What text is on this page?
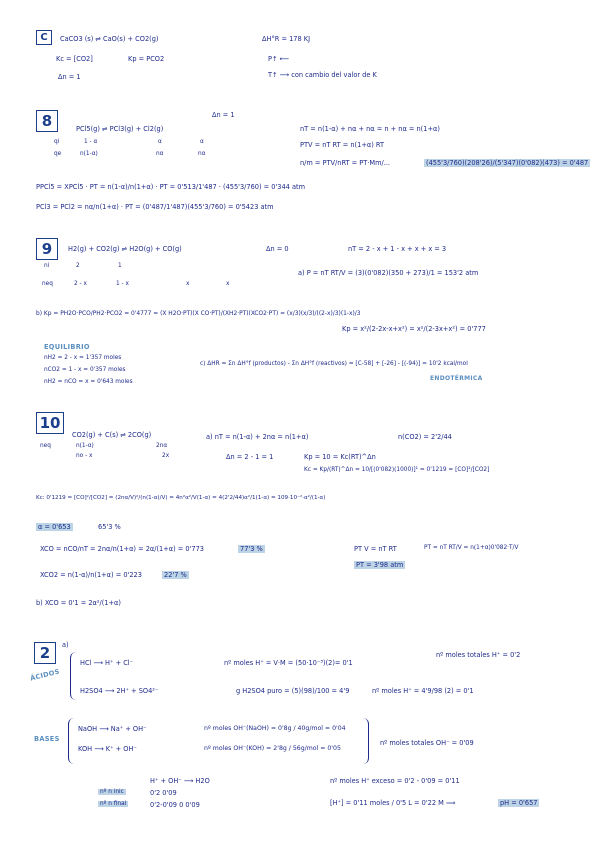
C	CaCO3 (s) ⇌ CaO(s) + CO2(g)	ΔH°R = 178 KJ
Kc = [CO2]	Kp = PCO2	P↑ ⟵
Δn = 1	T↑ ⟶ con cambio del valor de K
8	Δn = 1
PCl5(g) ⇌ PCl3(g) + Cl2(g)	nT = n(1-α) + nα + nα = n + nα = n(1+α)
qi	1 - α	α	α	PTV = nT RT = n(1+α) RT
qe	n(1-α)	nα	nα
n/m = PTV/nRT = PT·Mm/...	(455'3/760)(208'26)/(5'347)(0'082)(473) = 0'487
PPCl5 = XPCl5 · PT = n(1-α)/n(1+α) · PT = 0'513/1'487 · (455'3/760) = 0'344 atm
PCl3 = PCl2 = nα/n(1+α) · PT = (0'487/1'487)(455'3/760) = 0'5423 atm
9	H2(g) + CO2(g) ⇌ H2O(g) + CO(g)	Δn = 0	nT = 2 - x + 1 - x + x + x = 3
ni	2	1
a) P = nT RT/V = (3)(0'082)(350 + 273)/1 = 153'2 atm
neq	2 - x	1 - x	x	x
b) Kp = PH2O·PCO/PH2·PCO2 = 0'4777 = (X H2O·PT)(X CO·PT)/(XH2·PT)(XCO2·PT) = (x/3)(x/3)/((2-x)/3)(1-x)/3
Kp = x²/(2-2x-x+x²) = x²/(2-3x+x²) = 0'777
EQUILIBRIO
nH2 = 2 - x = 1'357 moles
c) ΔHR = Σn ΔH°f (productos) - Σn ΔH°f (reactivos) = [C-58] + [-26] - [(-94)] = 10'2 kcal/mol
nCO2 = 1 - x = 0'357 moles
nH2 = nCO = x = 0'643 moles	ENDOTÉRMICA
10
CO2(g) + C(s) ⇌ 2CO(g)	a) nT = n(1-α) + 2nα = n(1+α)	n(CO2) = 2'2/44
neq	n(1-α)	2nα
no - x	2x	Δn = 2 - 1 = 1	Kp = 10 = Kc(RT)^Δn
Kc = Kp/(RT)^Δn = 10/[(0'082)(1000)]¹ = 0'1219 = [CO]²/[CO2]
Kc: 0'1219 = [CO]²/[CO2] = (2nα/V)²/(n(1-α)/V) = 4n²α²/V(1-α) = 4(2'2/44)α²/1(1-α) = 109·10⁻²·α²/(1-α)
α = 0'653	65'3 %
XCO = nCO/nT = 2nα/n(1+α) = 2α/(1+α) = 0'773	77'3 %	PT V = nT RT	PT = nT RT/V = n(1+α)0'082·T/V
PT = 3'98 atm
XCO2 = n(1-α)/n(1+α) = 0'223	22'7 %
b) XCO = 0'1 = 2α²/(1+α)
2	a)
ÁCIDOS
HCl ⟶ H⁺ + Cl⁻	nº moles H⁺ = V·M = (50·10⁻³)(2)= 0'1
nº moles totales H⁺ = 0'2
H2SO4 ⟶ 2H⁺ + SO4²⁻	g H2SO4 puro = (5)(98)/100 = 4'9	nº moles H⁺ = 4'9/98 (2) = 0'1
BASES
NaOH ⟶ Na⁺ + OH⁻	nº moles OH⁻(NaOH) = 0'8g / 40g/mol = 0'04
KOH ⟶ K⁺ + OH⁻	nº moles OH⁻(KOH) = 2'8g / 56g/mol = 0'05
nº moles totales OH⁻ = 0'09
H⁺ + OH⁻ ⟶ H2O	nº moles H⁺ exceso = 0'2 - 0'09 = 0'11
nº n inic	0'2 0'09
nº n final	0'2-0'09 0 0'09	[H⁺] = 0'11 moles / 0'5 L = 0'22 M ⟹	pH = 0'657
